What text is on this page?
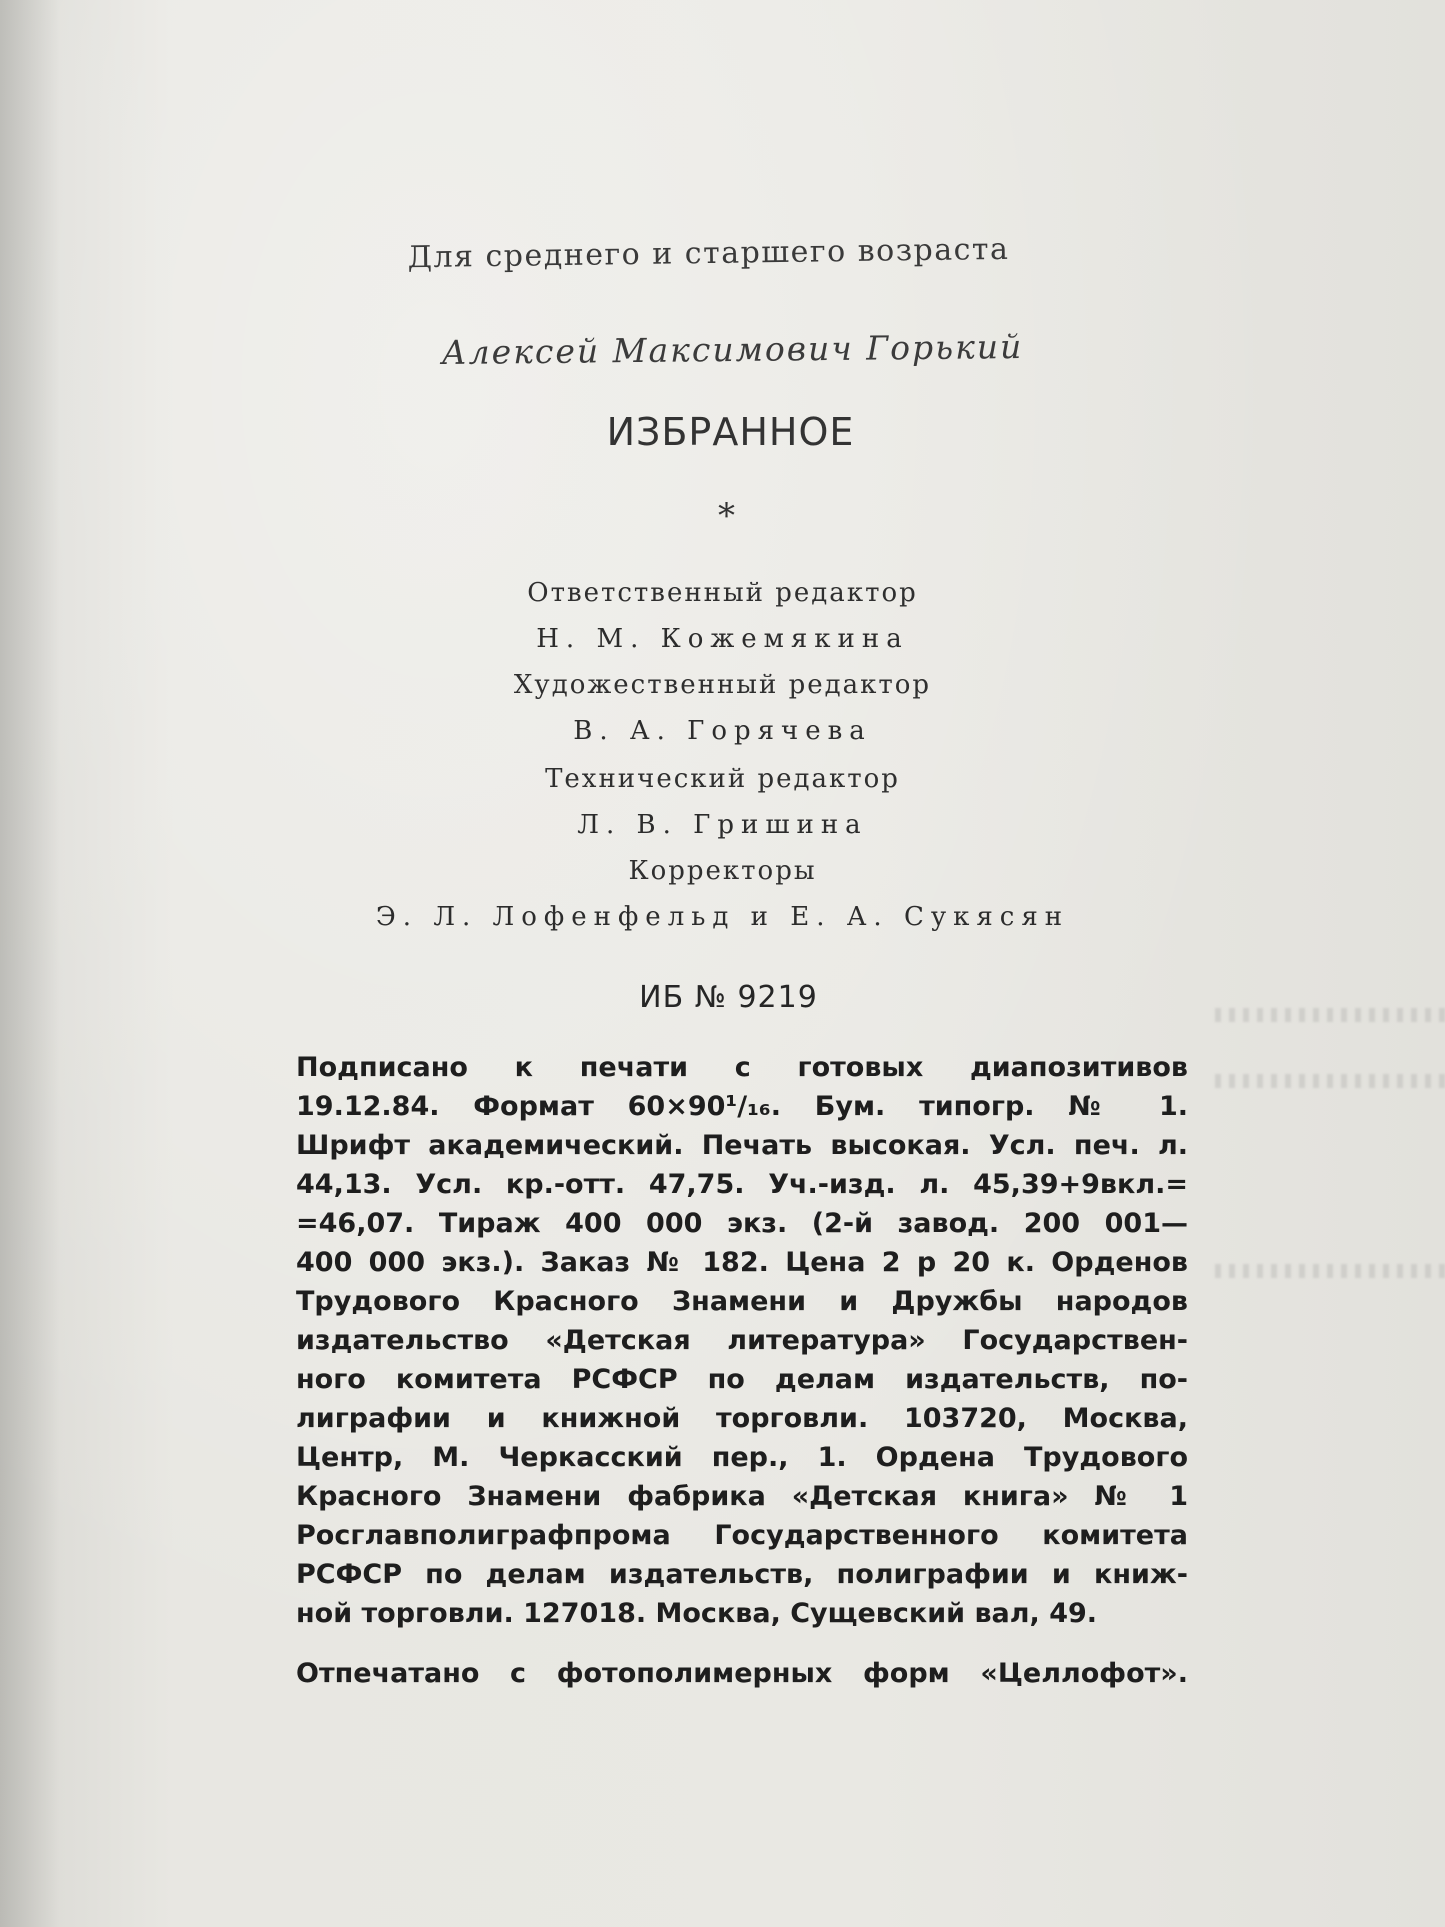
Для среднего и старшего возраста
Алексей Максимович Горький
ИЗБРАННОЕ
*
Ответственный редактор
Н. М. Кожемякина
Художественный редактор
В. А. Горячева
Технический редактор
Л. В. Гришина
Корректоры
Э. Л. Лофенфельд и Е. А. Сукясян
ИБ № 9219
Подписано к печати с готовых диапозитивов
19.12.84. Формат 60×90¹/₁₆. Бум. типогр. № 1.
Шрифт академический. Печать высокая. Усл. печ. л.
44,13. Усл. кр.-отт. 47,75. Уч.-изд. л. 45,39+9вкл.=
=46,07. Тираж 400 000 экз. (2-й завод. 200 001—
400 000 экз.). Заказ № 182. Цена 2 р 20 к. Орденов
Трудового Красного Знамени и Дружбы народов
издательство «Детская литература» Государствен-
ного комитета РСФСР по делам издательств, по-
лиграфии и книжной торговли. 103720, Москва,
Центр, М. Черкасский пер., 1. Ордена Трудового
Красного Знамени фабрика «Детская книга» № 1
Росглавполиграфпрома Государственного комитета
РСФСР по делам издательств, полиграфии и книж-
ной торговли. 127018. Москва, Сущевский вал, 49.
Отпечатано с фотополимерных форм «Целлофот».
